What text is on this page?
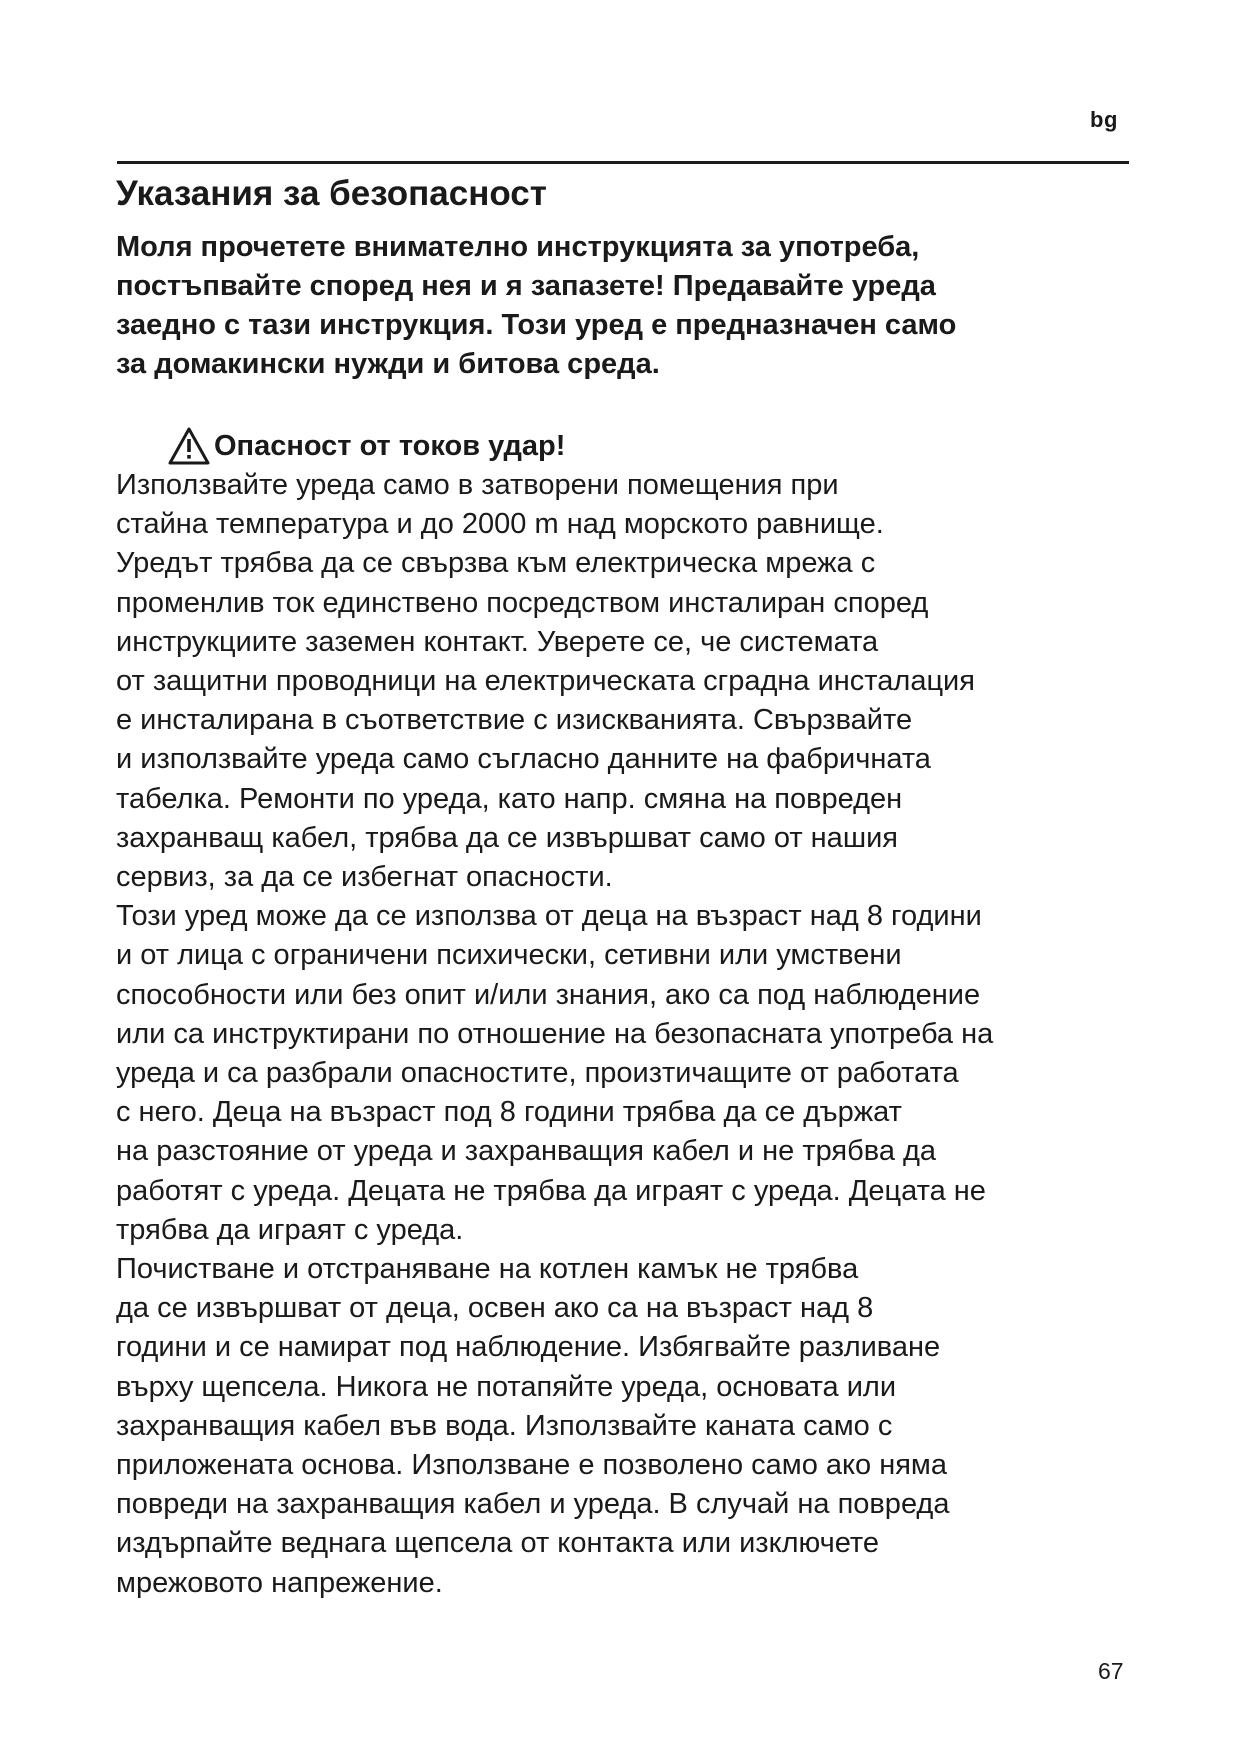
bg
Указания за безопасност

Моля прочетете внимателно инструкцията за употреба,
постъпвайте според нея и я запазете! Предавайте уреда
заедно с тази инструкция. Този уред е предназначен само
за домакински нужди и битова среда.

Опасност от токов удар!

Използвайте уреда само в затворени помещения при
стайна температура и до 2000 m над морското равнище.
Уредът трябва да се свързва към електрическа мрежа с
променлив ток единствено посредством инсталиран според
инструкциите заземен контакт. Уверете се, че системата
от защитни проводници на електрическата сградна инсталация
е инсталирана в съответствие с изискванията. Свързвайте
и използвайте уреда само съгласно данните на фабричната
табелка. Ремонти по уреда, като напр. смяна на повреден
захранващ кабел, трябва да се извършват само от нашия
сервиз, за да се избегнат опасности.
Този уред може да се използва от деца на възраст над 8 години
и от лица с ограничени психически, сетивни или умствени
способности или без опит и/или знания, ако са под наблюдение
или са инструктирани по отношение на безопасната употреба на
уреда и са разбрали опасностите, произтичащите от работата
с него. Деца на възраст под 8 години трябва да се държат
на разстояние от уреда и захранващия кабел и не трябва да
работят с уреда. Децата не трябва да играят с уреда. Децата не
трябва да играят с уреда.
Почистване и отстраняване на котлен камък не трябва
да се извършват от деца, освен ако са на възраст над 8
години и се намират под наблюдение. Избягвайте разливане
върху щепсела. Никога не потапяйте уреда, основата или
захранващия кабел във вода. Използвайте каната само с
приложената основа. Използване е позволено само ако няма
повреди на захранващия кабел и уреда. В случай на повреда
издърпайте веднага щепсела от контакта или изключете
мрежовото напрежение.

67
